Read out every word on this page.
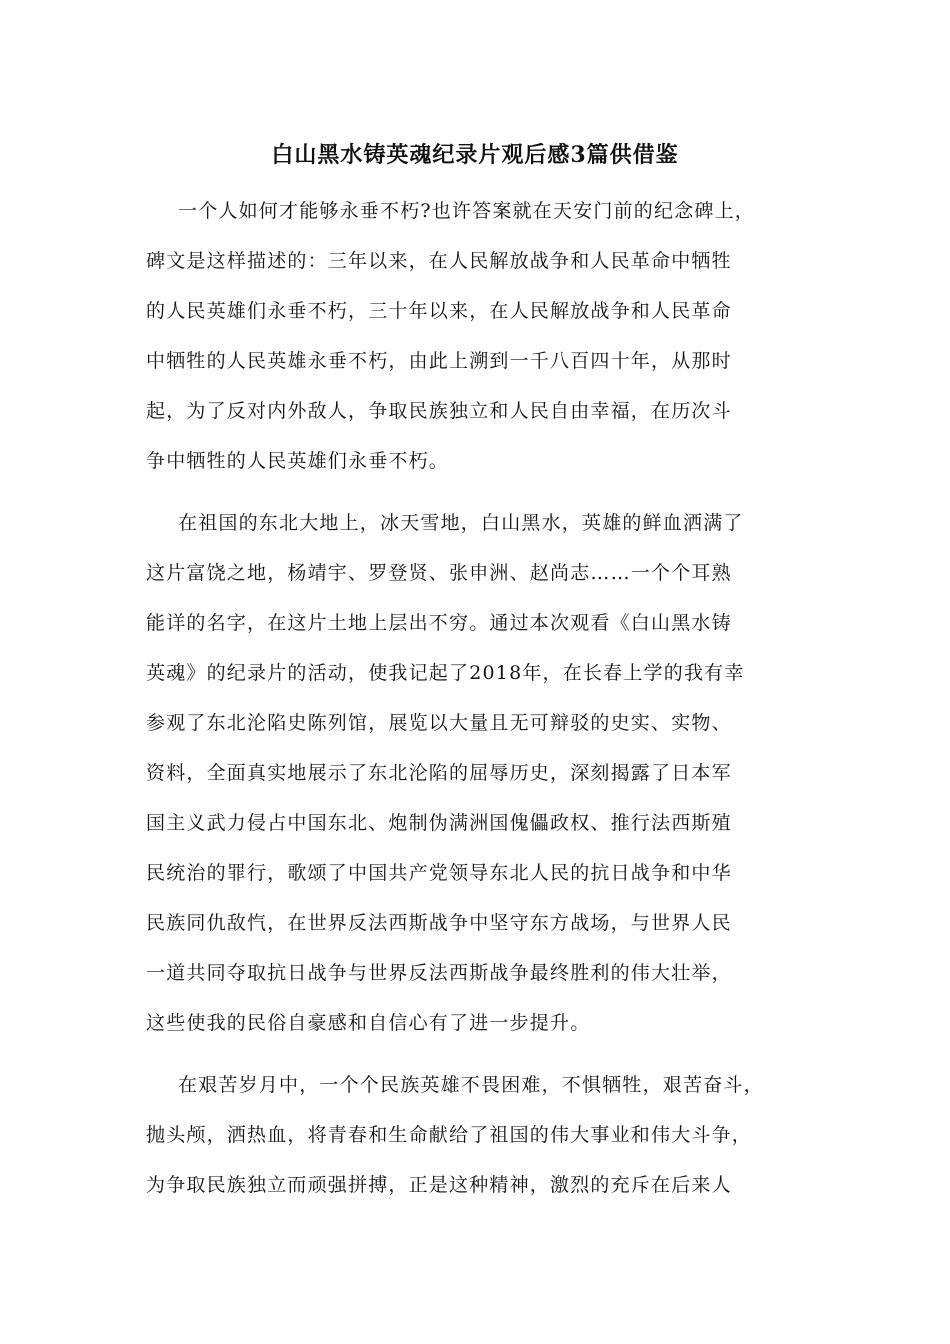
白山黑水铸英魂纪录片观后感3篇供借鉴

一个人如何才能够永垂不朽?也许答案就在天安门前的纪念碑上，

碑文是这样描述的：三年以来，在人民解放战争和人民革命中牺牲

的人民英雄们永垂不朽，三十年以来，在人民解放战争和人民革命

中牺牲的人民英雄永垂不朽，由此上溯到一千八百四十年，从那时

起，为了反对内外敌人，争取民族独立和人民自由幸福，在历次斗

争中牺牲的人民英雄们永垂不朽。

在祖国的东北大地上，冰天雪地，白山黑水，英雄的鲜血洒满了

这片富饶之地，杨靖宇、罗登贤、张申洲、赵尚志……一个个耳熟

能详的名字，在这片土地上层出不穷。通过本次观看《白山黑水铸

英魂》的纪录片的活动，使我记起了2018年，在长春上学的我有幸

参观了东北沦陷史陈列馆，展览以大量且无可辩驳的史实、实物、

资料，全面真实地展示了东北沦陷的屈辱历史，深刻揭露了日本军

国主义武力侵占中国东北、炮制伪满洲国傀儡政权、推行法西斯殖

民统治的罪行，歌颂了中国共产党领导东北人民的抗日战争和中华

民族同仇敌忾，在世界反法西斯战争中坚守东方战场，与世界人民

一道共同夺取抗日战争与世界反法西斯战争最终胜利的伟大壮举，

这些使我的民俗自豪感和自信心有了进一步提升。

在艰苦岁月中，一个个民族英雄不畏困难，不惧牺牲，艰苦奋斗，

抛头颅，洒热血，将青春和生命献给了祖国的伟大事业和伟大斗争，

为争取民族独立而顽强拼搏，正是这种精神，激烈的充斥在后来人
